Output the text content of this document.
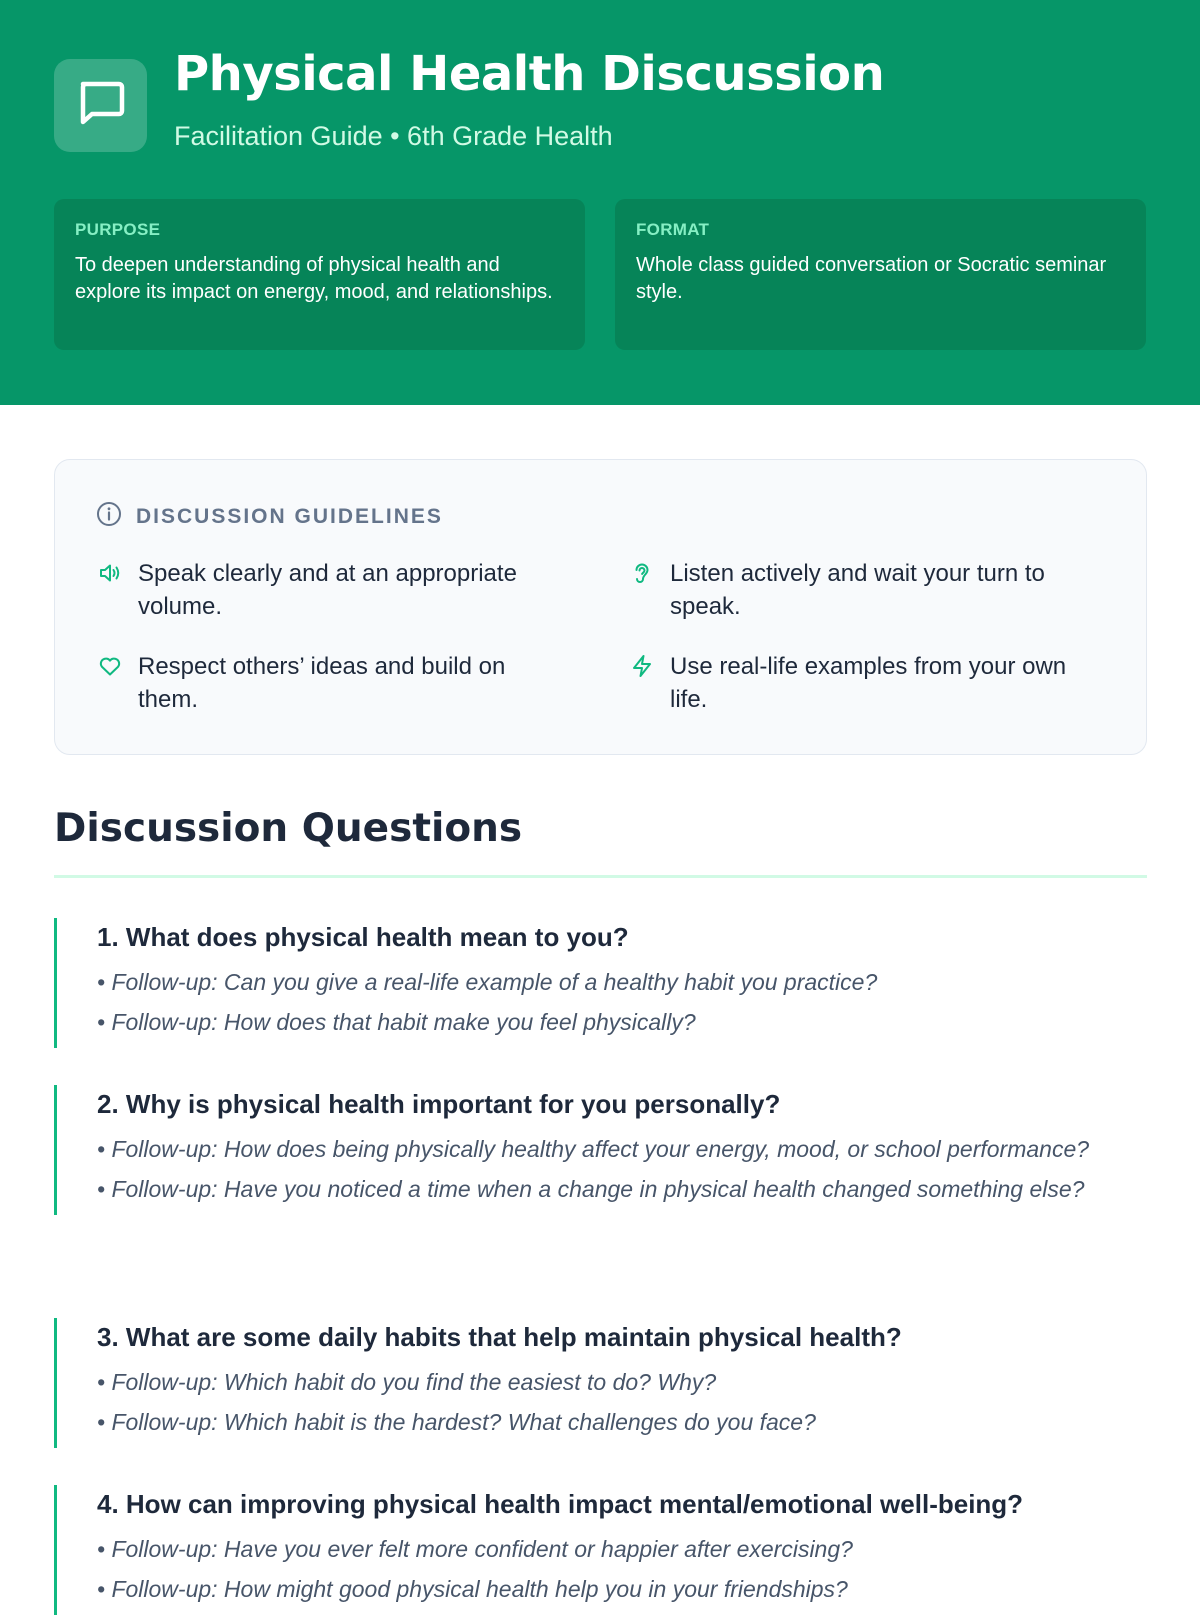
Physical Health Discussion
Facilitation Guide • 6th Grade Health
PURPOSE
To deepen understanding of physical health and explore its impact on energy, mood, and relationships.
FORMAT
Whole class guided conversation or Socratic seminar style.
DISCUSSION GUIDELINES
Speak clearly and at an appropriate volume.
Listen actively and wait your turn to speak.
Respect others’ ideas and build on them.
Use real-life examples from your own life.
Discussion Questions
1. What does physical health mean to you?
• Follow-up: Can you give a real-life example of a healthy habit you practice?
• Follow-up: How does that habit make you feel physically?
2. Why is physical health important for you personally?
• Follow-up: How does being physically healthy affect your energy, mood, or school performance?
• Follow-up: Have you noticed a time when a change in physical health changed something else?
3. What are some daily habits that help maintain physical health?
• Follow-up: Which habit do you find the easiest to do? Why?
• Follow-up: Which habit is the hardest? What challenges do you face?
4. How can improving physical health impact mental/emotional well-being?
• Follow-up: Have you ever felt more confident or happier after exercising?
• Follow-up: How might good physical health help you in your friendships?
